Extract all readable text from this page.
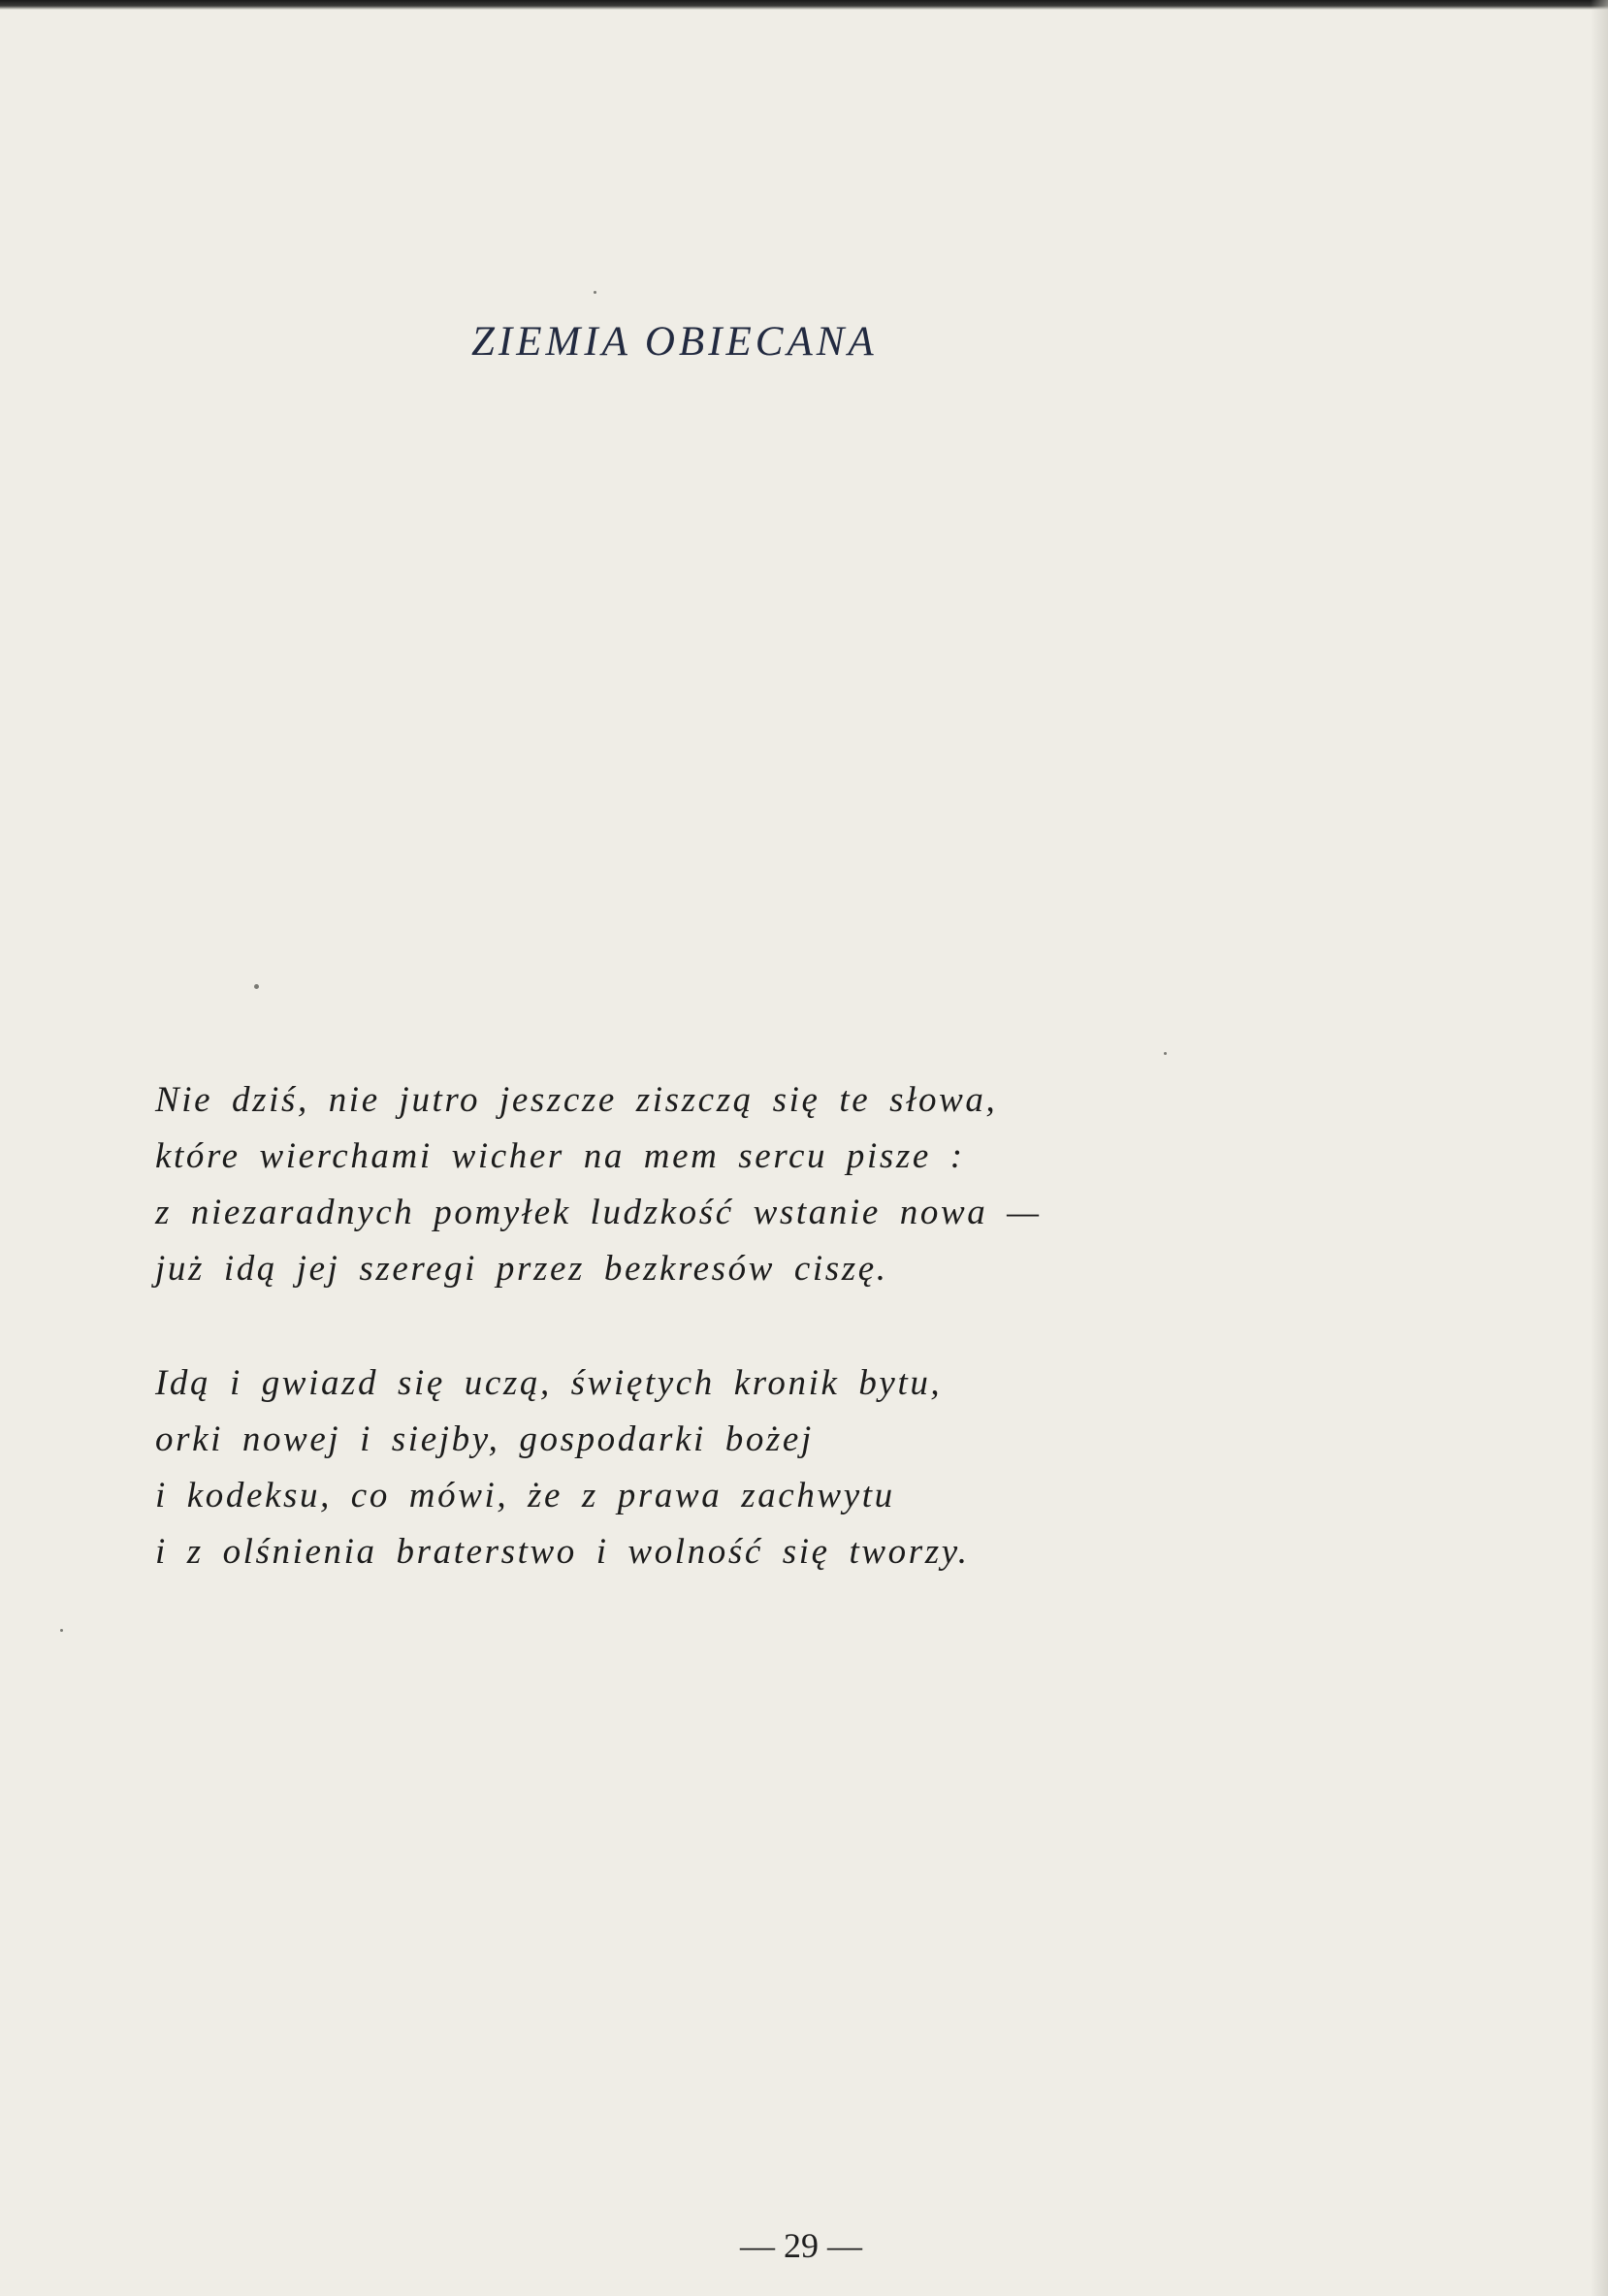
ZIEMIA OBIECANA
Nie dziś, nie jutro jeszcze ziszczą się te słowa,
które wierchami wicher na mem sercu pisze :
z niezaradnych pomyłek ludzkość wstanie nowa —
już idą jej szeregi przez bezkresów ciszę.
Idą i gwiazd się uczą, świętych kronik bytu,
orki nowej i siejby, gospodarki bożej
i kodeksu, co mówi, że z prawa zachwytu
i z olśnienia braterstwo i wolność się tworzy.
— 29 —
